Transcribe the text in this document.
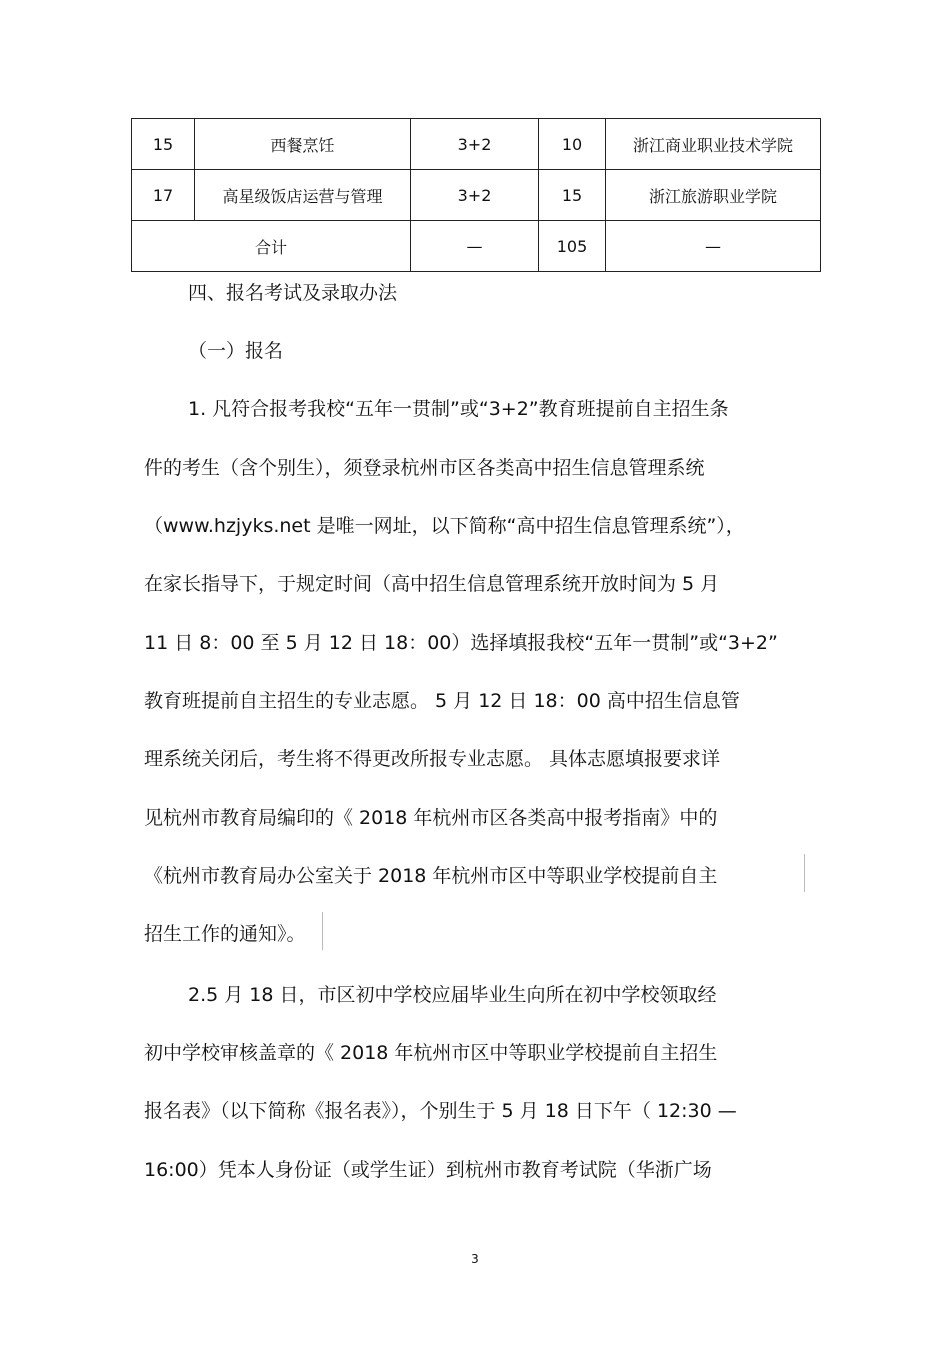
15	西餐烹饪	3+2	10	浙江商业职业技术学院
17	高星级饭店运营与管理	3+2	15	浙江旅游职业学院
合计		—	105	—
四、报名考试及录取办法
（一）报名
1. 凡符合报考我校“五年一贯制”或“3+2”教育班提前自主招生条
件的考生（含个别生），须登录杭州市区各类高中招生信息管理系统
（www.hzjyks.net 是唯一网址，以下简称“高中招生信息管理系统”），
在家长指导下，于规定时间（高中招生信息管理系统开放时间为 5 月
11 日 8：00 至 5 月 12 日 18：00）选择填报我校“五年一贯制”或“3+2”
教育班提前自主招生的专业志愿。 5 月 12 日 18：00 高中招生信息管
理系统关闭后，考生将不得更改所报专业志愿。 具体志愿填报要求详
见杭州市教育局编印的《 2018 年杭州市区各类高中报考指南》中的
《杭州市教育局办公室关于 2018 年杭州市区中等职业学校提前自主
招生工作的通知》。
2.5 月 18 日，市区初中学校应届毕业生向所在初中学校领取经
初中学校审核盖章的《 2018 年杭州市区中等职业学校提前自主招生
报名表》（以下简称《报名表》），个别生于 5 月 18 日下午（ 12:30 —
16:00）凭本人身份证（或学生证）到杭州市教育考试院（华浙广场
3
